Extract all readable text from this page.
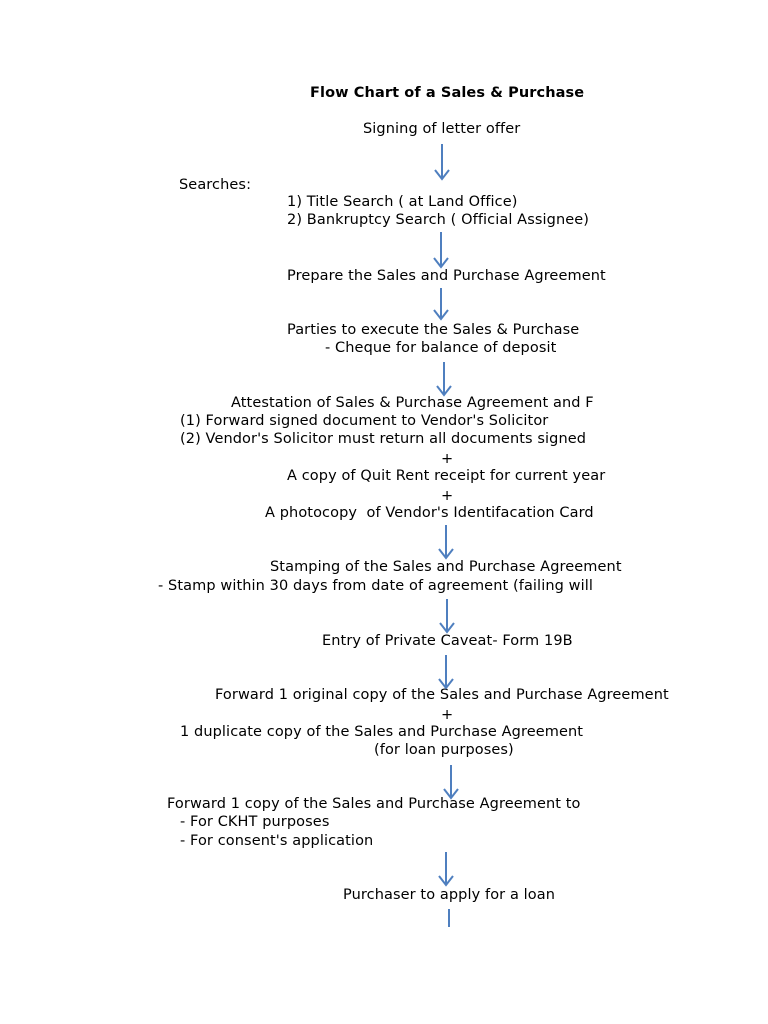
Flow Chart of a Sales & Purchase
Signing of letter offer
Searches:
1) Title Search ( at Land Office)
2) Bankruptcy Search ( Official Assignee)
Prepare the Sales and Purchase Agreement
Parties to execute the Sales & Purchase
- Cheque for balance of deposit
Attestation of Sales & Purchase Agreement and F
(1) Forward signed document to Vendor's Solicitor
(2) Vendor's Solicitor must return all documents signed
+
A copy of Quit Rent receipt for current year
+
A photocopy  of Vendor's Identifacation Card
Stamping of the Sales and Purchase Agreement
- Stamp within 30 days from date of agreement (failing will
Entry of Private Caveat- Form 19B
Forward 1 original copy of the Sales and Purchase Agreement
+
1 duplicate copy of the Sales and Purchase Agreement
(for loan purposes)
Forward 1 copy of the Sales and Purchase Agreement to
- For CKHT purposes
- For consent's application
Purchaser to apply for a loan
